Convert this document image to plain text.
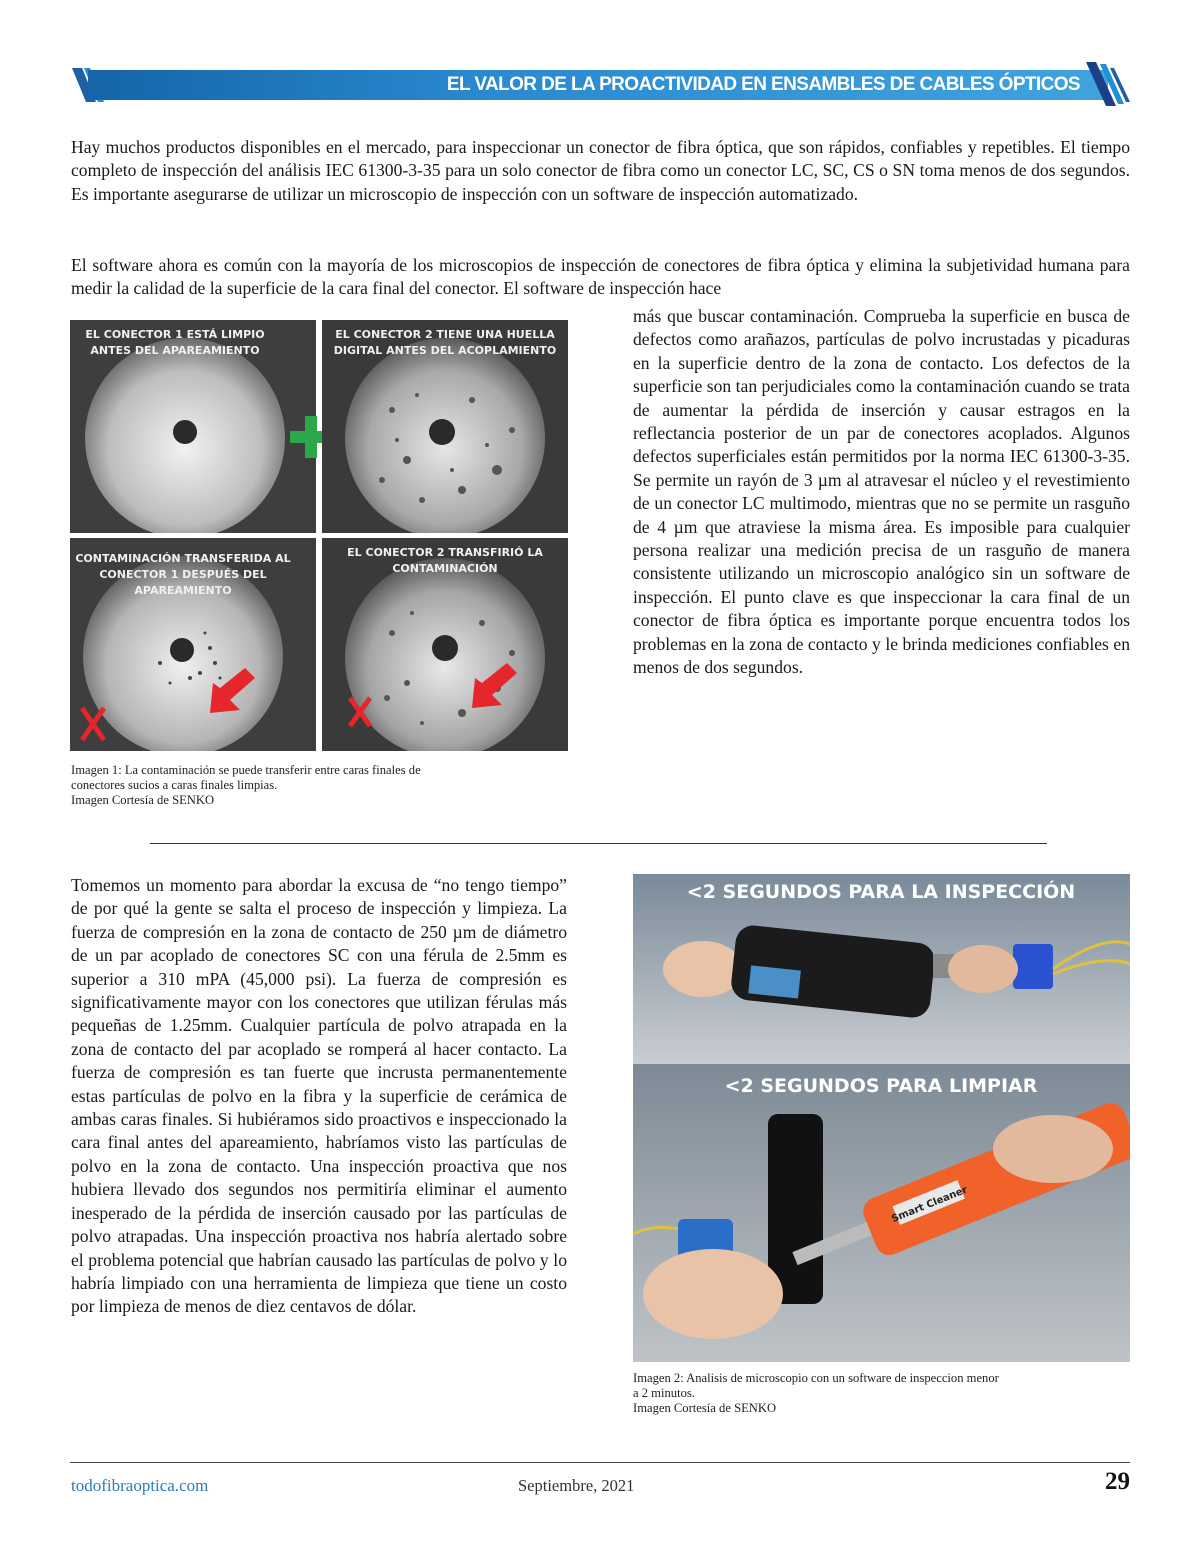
EL VALOR DE LA PROACTIVIDAD EN ENSAMBLES DE CABLES ÓPTICOS

Hay muchos productos disponibles en el mercado, para inspeccionar un conector de fibra óptica, que son rápidos, confiables y repetibles. El tiempo completo de inspección del análisis IEC 61300-3-35 para un solo conector de fibra como un conector LC, SC, CS o SN toma menos de dos segundos. Es importante asegurarse de utilizar un microscopio de inspección con un software de inspección automatizado.

El software ahora es común con la mayoría de los microscopios de inspección de conectores de fibra óptica y elimina la subjetividad humana para medir la calidad de la superficie de la cara final del conector. El software de inspección hace

más que buscar contaminación. Comprueba la superficie en busca de defectos como arañazos, partículas de polvo incrustadas y picaduras en la superficie dentro de la zona de contacto. Los defectos de la superficie son tan perjudiciales como la contaminación cuando se trata de aumentar la pérdida de inserción y causar estragos en la reflectancia posterior de un par de conectores acoplados. Algunos defectos superficiales están permitidos por la norma IEC 61300-3-35. Se permite un rayón de 3 µm al atravesar el núcleo y el revestimiento de un conector LC multimodo, mientras que no se permite un rasguño de 4 µm que atraviese la misma área. Es imposible para cualquier persona realizar una medición precisa de un rasguño de manera consistente utilizando un microscopio analógico sin un software de inspección. El punto clave es que inspeccionar la cara final de un conector de fibra óptica es importante porque encuentra todos los problemas en la zona de contacto y le brinda mediciones confiables en menos de dos segundos.

EL CONECTOR 1 ESTÁ LIMPIO
ANTES DEL APAREAMIENTO
EL CONECTOR 2 TIENE UNA HUELLA
DIGITAL ANTES DEL ACOPLAMIENTO
CONTAMINACIÓN TRANSFERIDA AL
CONECTOR 1 DESPUÉS DEL
APAREAMIENTO
EL CONECTOR 2 TRANSFIRIÓ LA
CONTAMINACIÓN
Imagen 1: La contaminación se puede transferir entre caras finales de
conectores sucios a caras finales limpias.
Imagen Cortesía de SENKO

Tomemos un momento para abordar la excusa de “no tengo tiempo” de por qué la gente se salta el proceso de inspección y limpieza. La fuerza de compresión en la zona de contacto de 250 µm de diámetro de un par acoplado de conectores SC con una férula de 2.5mm es superior a 310 mPA (45,000 psi). La fuerza de compresión es significativamente mayor con los conectores que utilizan férulas más pequeñas de 1.25mm. Cualquier partícula de polvo atrapada en la zona de contacto del par acoplado se romperá al hacer contacto. La fuerza de compresión es tan fuerte que incrusta permanentemente estas partículas de polvo en la fibra y la superficie de cerámica de ambas caras finales. Si hubiéramos sido proactivos e inspeccionado la cara final antes del apareamiento, habríamos visto las partículas de polvo en la zona de contacto. Una inspección proactiva que nos hubiera llevado dos segundos nos permitiría eliminar el aumento inesperado de la pérdida de inserción causado por las partículas de polvo atrapadas. Una inspección proactiva nos habría alertado sobre el problema potencial que habrían causado las partículas de polvo y lo habría limpiado con una herramienta de limpieza que tiene un costo por limpieza de menos de diez centavos de dólar.

<2 SEGUNDOS PARA LA INSPECCIÓN
<2 SEGUNDOS PARA LIMPIAR
Smart Cleaner
Imagen 2: Analisis de microscopio con un software de inspeccion menor
a 2 minutos.
Imagen Cortesía de SENKO
todofibraoptica.com	Septiembre, 2021	29
